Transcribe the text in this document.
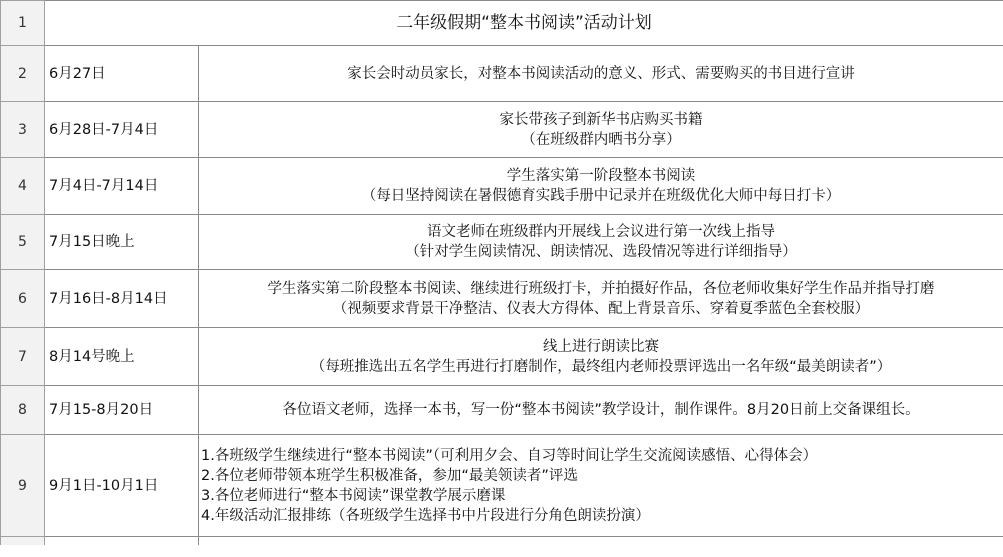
1	二年级假期“整本书阅读”活动计划	
2	6月27日	家长会时动员家长，对整本书阅读活动的意义、形式、需要购买的书目进行宣讲

3	6月28日-7月4日	家长带孩子到新华书店购买书籍
（在班级群内晒书分享）

4	7月4日-7月14日	学生落实第一阶段整本书阅读
（每日坚持阅读在暑假德育实践手册中记录并在班级优化大师中每日打卡）

5	7月15日晚上	语文老师在班级群内开展线上会议进行第一次线上指导
（针对学生阅读情况、朗读情况、选段情况等进行详细指导）

6	7月16日-8月14日	学生落实第二阶段整本书阅读、继续进行班级打卡，并拍摄好作品，各位老师收集好学生作品并指导打磨
（视频要求背景干净整洁、仪表大方得体、配上背景音乐、穿着夏季蓝色全套校服）

7	8月14号晚上	线上进行朗读比赛
（每班推选出五名学生再进行打磨制作，最终组内老师投票评选出一名年级“最美朗读者”）

8	7月15-8月20日	各位语文老师，选择一本书，写一份“整本书阅读”教学设计，制作课件。8月20日前上交备课组长。

9	9月1日-10月1日	1.各班级学生继续进行“整本书阅读”（可利用夕会、自习等时间让学生交流阅读感悟、心得体会）
2.各位老师带领本班学生积极准备，参加“最美领读者”评选
3.各位老师进行“整本书阅读”课堂教学展示磨课
4.年级活动汇报排练（各班级学生选择书中片段进行分角色朗读扮演）
